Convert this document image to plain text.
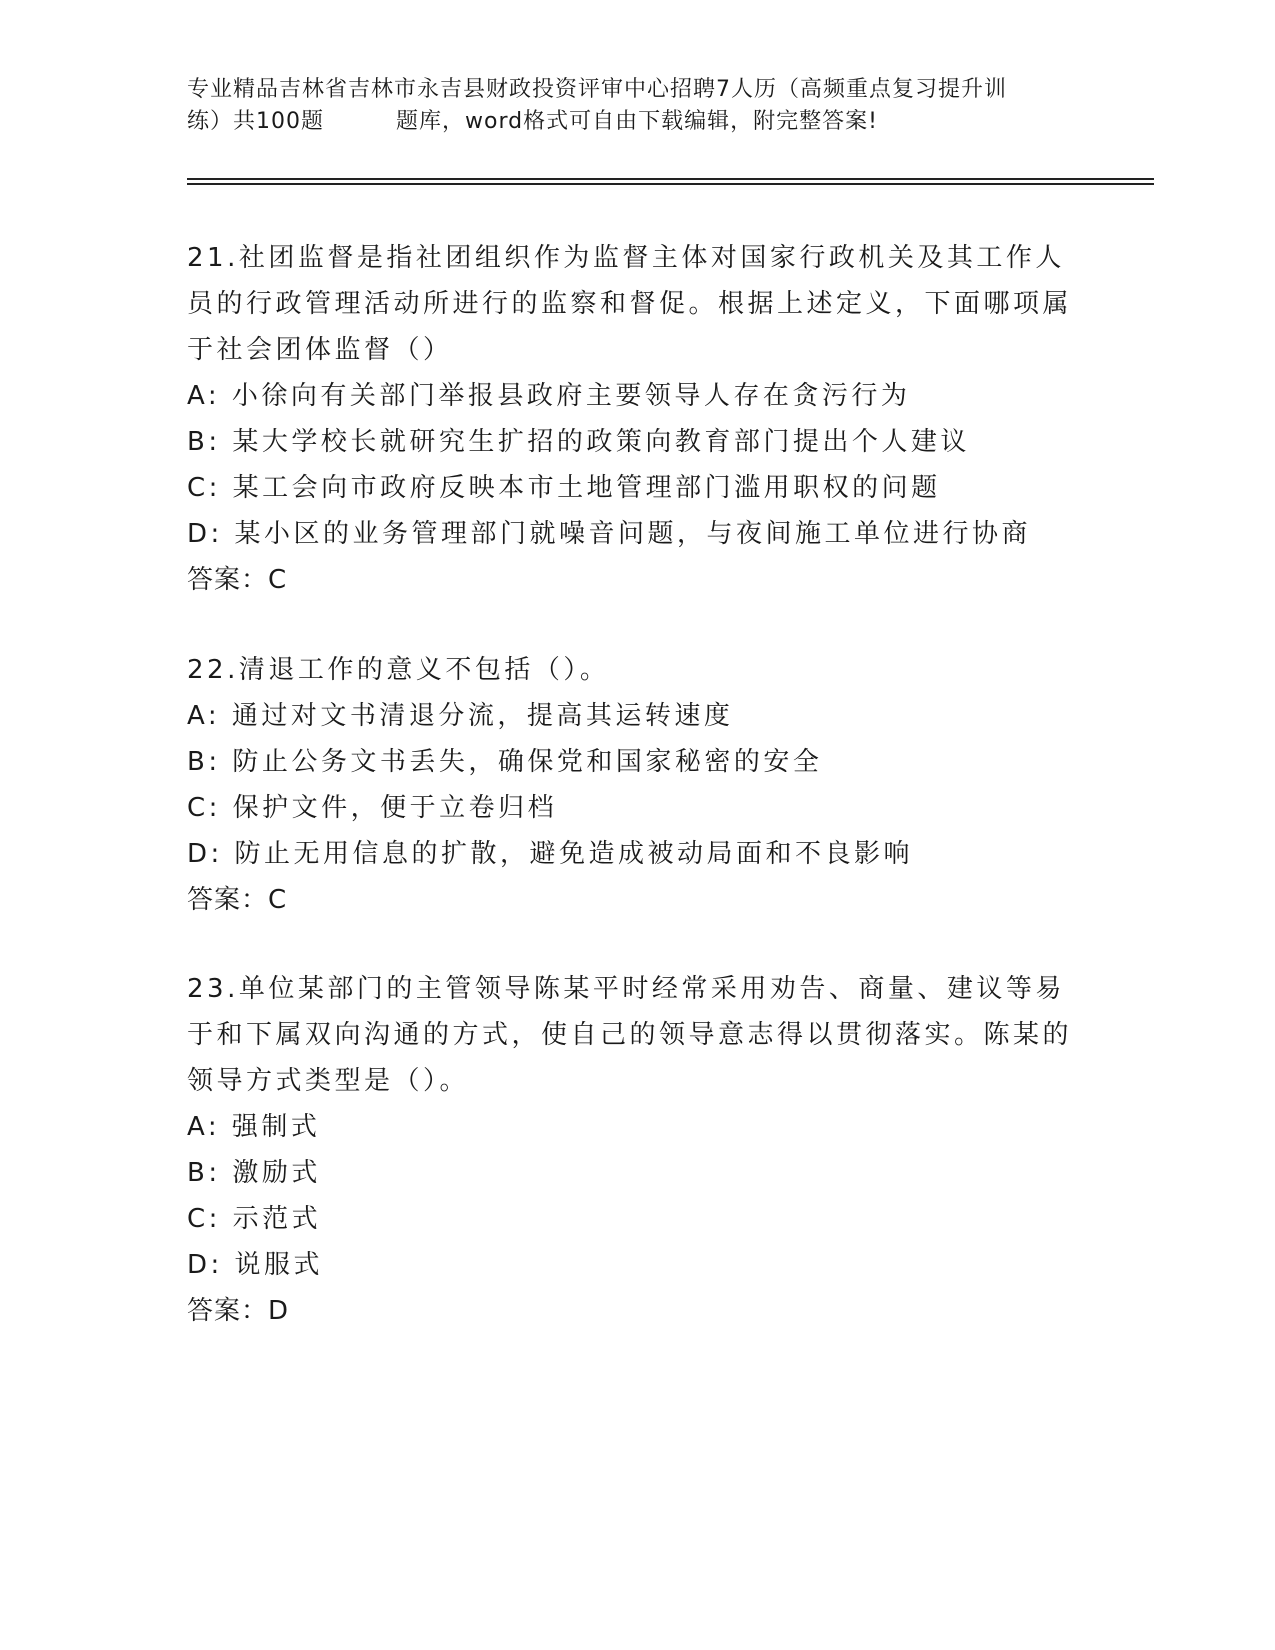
专业精品吉林省吉林市永吉县财政投资评审中心招聘7人历（高频重点复习提升训
练）共100题	题库，word格式可自由下载编辑，附完整答案!
21.社团监督是指社团组织作为监督主体对国家行政机关及其工作人员的行政管理活动所进行的监察和督促。根据上述定义，下面哪项属于社会团体监督（）
A: 小徐向有关部门举报县政府主要领导人存在贪污行为
B: 某大学校长就研究生扩招的政策向教育部门提出个人建议
C: 某工会向市政府反映本市土地管理部门滥用职权的问题
D: 某小区的业务管理部门就噪音问题，与夜间施工单位进行协商
答案：C
22.清退工作的意义不包括（）。
A: 通过对文书清退分流，提高其运转速度
B: 防止公务文书丢失，确保党和国家秘密的安全
C: 保护文件，便于立卷归档
D: 防止无用信息的扩散，避免造成被动局面和不良影响
答案：C
23.单位某部门的主管领导陈某平时经常采用劝告、商量、建议等易于和下属双向沟通的方式，使自己的领导意志得以贯彻落实。陈某的领导方式类型是（）。
A: 强制式
B: 激励式
C: 示范式
D: 说服式
答案：D
